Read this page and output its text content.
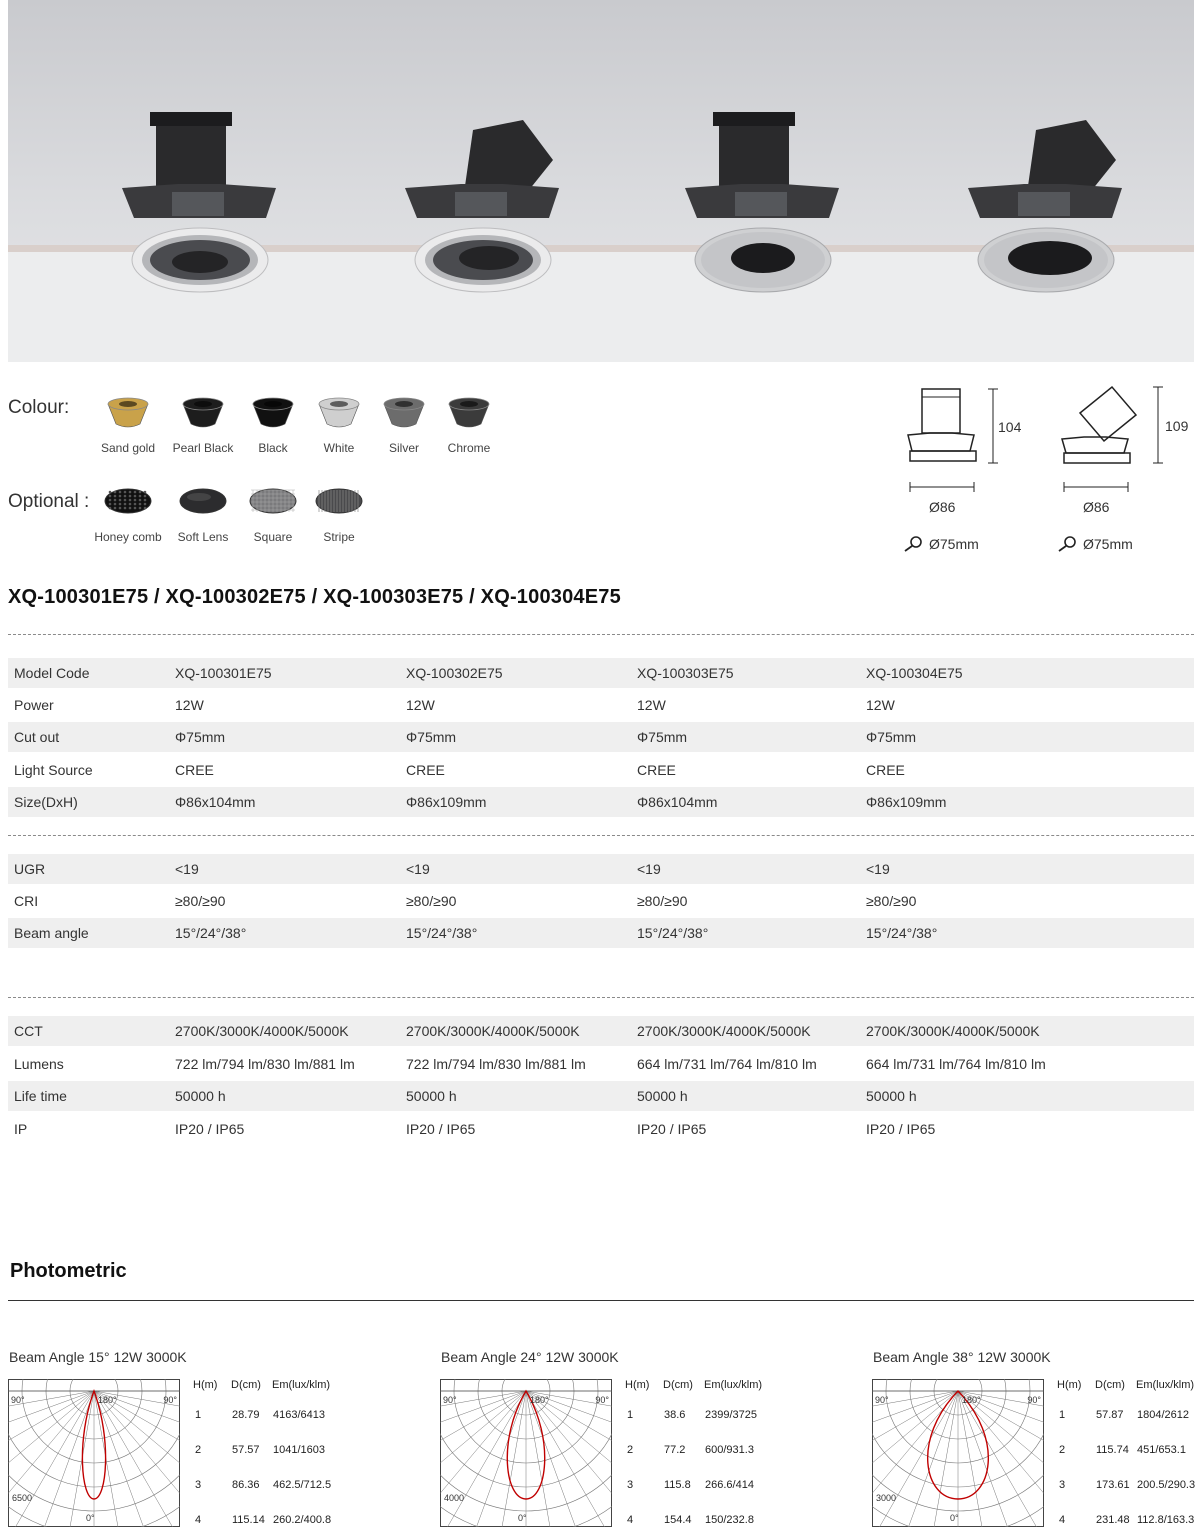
Colour:
Sand gold	Pearl Black	Black	White	Silver	Chrome
Optional :
Honey comb	Soft Lens	Square	Stripe
104
Ø86
Ø75mm
109
Ø86
Ø75mm
XQ-100301E75 / XQ-100302E75 / XQ-100303E75 / XQ-100304E75
Model Code	XQ-100301E75	XQ-100302E75	XQ-100303E75	XQ-100304E75
Power	12W	12W	12W	12W
Cut out	Φ75mm	Φ75mm	Φ75mm	Φ75mm
Light Source	CREE	CREE	CREE	CREE
Size(DxH)	Φ86x104mm	Φ86x109mm	Φ86x104mm	Φ86x109mm
UGR	<19	<19	<19	<19
CRI	≥80/≥90	≥80/≥90	≥80/≥90	≥80/≥90
Beam angle	15°/24°/38°	15°/24°/38°	15°/24°/38°	15°/24°/38°
CCT	2700K/3000K/4000K/5000K	2700K/3000K/4000K/5000K	2700K/3000K/4000K/5000K	2700K/3000K/4000K/5000K
Lumens	722 lm/794 lm/830 lm/881 lm	722 lm/794 lm/830 lm/881 lm	664 lm/731 lm/764 lm/810 lm	664 lm/731 lm/764 lm/810 lm
Life time	50000 h	50000 h	50000 h	50000 h
IP	IP20 / IP65	IP20 / IP65	IP20 / IP65	IP20 / IP65
Photometric
Beam Angle 15° 12W 3000K
90°	180°	90°
0°
6500
H(m) D(cm) Em(lux/klm)
1	28.79 4163/6413
2	57.57 1041/1603
3	86.36 462.5/712.5
4	115.14 260.2/400.8
Beam Angle 24° 12W 3000K
90°	180°	90°
0°
4000
H(m) D(cm) Em(lux/klm)
1	38.6 2399/3725
2	77.2 600/931.3
3	115.8 266.6/414
4	154.4 150/232.8
Beam Angle 38° 12W 3000K
90°	180°	90°
0°
3000
H(m) D(cm) Em(lux/klm)
1	57.87 1804/2612
2	115.74 451/653.1
3	173.61 200.5/290.3
4	231.48 112.8/163.3
